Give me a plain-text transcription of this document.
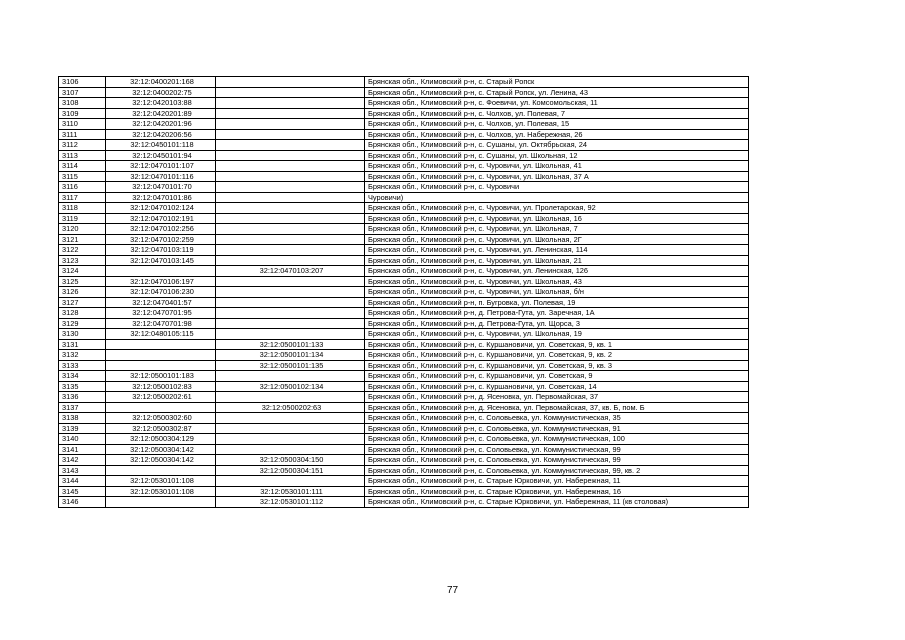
3106	32:12:0400201:168		Брянская обл., Климовский р-н, с. Старый Ропск
3107	32:12:0400202:75		Брянская обл., Климовский р-н, с. Старый Ропск, ул. Ленина, 43
3108	32:12:0420103:88		Брянская обл., Климовский р-н, с. Фоевичи, ул. Комсомольская, 11
3109	32:12:0420201:89		Брянская обл., Климовский р-н, с. Чолхов, ул. Полевая, 7
3110	32:12:0420201:96		Брянская обл., Климовский р-н, с. Чолхов, ул. Полевая, 15
3111	32:12:0420206:56		Брянская обл., Климовский р-н, с. Чолхов, ул. Набережная, 26
3112	32:12:0450101:118		Брянская обл., Климовский р-н, с. Сушаны, ул. Октябрьская, 24
3113	32:12:0450101:94		Брянская обл., Климовский р-н, с. Сушаны, ул. Школьная, 12
3114	32:12:0470101:107		Брянская обл., Климовский р-н, с. Чуровичи, ул. Школьная, 41
3115	32:12:0470101:116		Брянская обл., Климовский р-н, с. Чуровичи, ул. Школьная, 37 А
3116	32:12:0470101:70		Брянская обл., Климовский р-н, с. Чуровичи
3117	32:12:0470101:86		Чуровичи)
3118	32:12:0470102:124		Брянская обл., Климовский р-н, с. Чуровичи, ул. Пролетарская, 92
3119	32:12:0470102:191		Брянская обл., Климовский р-н, с. Чуровичи, ул. Школьная, 16
3120	32:12:0470102:256		Брянская обл., Климовский р-н, с. Чуровичи, ул. Школьная, 7
3121	32:12:0470102:259		Брянская обл., Климовский р-н, с. Чуровичи, ул. Школьная, 2Г
3122	32:12:0470103:119		Брянская обл., Климовский р-н, с. Чуровичи, ул. Ленинская, 114
3123	32:12:0470103:145		Брянская обл., Климовский р-н, с. Чуровичи, ул. Школьная, 21
3124		32:12:0470103:207	Брянская обл., Климовский р-н, с. Чуровичи, ул. Ленинская, 126
3125	32:12:0470106:197		Брянская обл., Климовский р-н, с. Чуровичи, ул. Школьная, 43
3126	32:12:0470106:230		Брянская обл., Климовский р-н, с. Чуровичи, ул. Школьная, б/н
3127	32:12:0470401:57		Брянская обл., Климовский р-н, п. Бугровка, ул. Полевая, 19
3128	32:12:0470701:95		Брянская обл., Климовский р-н, д. Петрова-Гута, ул. Заречная, 1А
3129	32:12:0470701:98		Брянская обл., Климовский р-н, д. Петрова-Гута, ул. Щорса, 3
3130	32:12:0480105:115		Брянская обл., Климовский р-н, с. Чуровичи, ул. Школьная, 19
3131		32:12:0500101:133	Брянская обл., Климовский р-н, с. Куршановичи, ул. Советская, 9, кв. 1
3132		32:12:0500101:134	Брянская обл., Климовский р-н, с. Куршановичи, ул. Советская, 9, кв. 2
3133		32:12:0500101:135	Брянская обл., Климовский р-н, с. Куршановичи, ул. Советская, 9, кв. 3
3134	32:12:0500101:183		Брянская обл., Климовский р-н, с. Куршановичи, ул. Советская, 9
3135	32:12:0500102:83	32:12:0500102:134	Брянская обл., Климовский р-н, с. Куршановичи, ул. Советская, 14
3136	32:12:0500202:61		Брянская обл., Климовский р-н, д. Ясеновка, ул. Первомайская, 37
3137		32:12:0500202:63	Брянская обл., Климовский р-н, д. Ясеновка, ул. Первомайская, 37, кв. Б, пом. Б
3138	32:12:0500302:60		Брянская обл., Климовский р-н, с. Соловьевка, ул. Коммунистическая, 35
3139	32:12:0500302:87		Брянская обл., Климовский р-н, с. Соловьевка, ул. Коммунистическая, 91
3140	32:12:0500304:129		Брянская обл., Климовский р-н, с. Соловьевка, ул. Коммунистическая, 100
3141	32:12:0500304:142		Брянская обл., Климовский р-н, с. Соловьевка, ул. Коммунистическая, 99
3142	32:12:0500304:142	32:12:0500304:150	Брянская обл., Климовский р-н, с. Соловьевка, ул. Коммунистическая, 99
3143		32:12:0500304:151	Брянская обл., Климовский р-н, с. Соловьевка, ул. Коммунистическая, 99, кв. 2
3144	32:12:0530101:108		Брянская обл., Климовский р-н, с. Старые Юрковичи, ул. Набережная, 11
3145	32:12:0530101:108	32:12:0530101:111	Брянская обл., Климовский р-н, с. Старые Юрковичи, ул. Набережная, 16
3146		32:12:0530101:112	Брянская обл., Климовский р-н, с. Старые Юрковичи, ул. Набережная, 11 (кв столовая)
77
